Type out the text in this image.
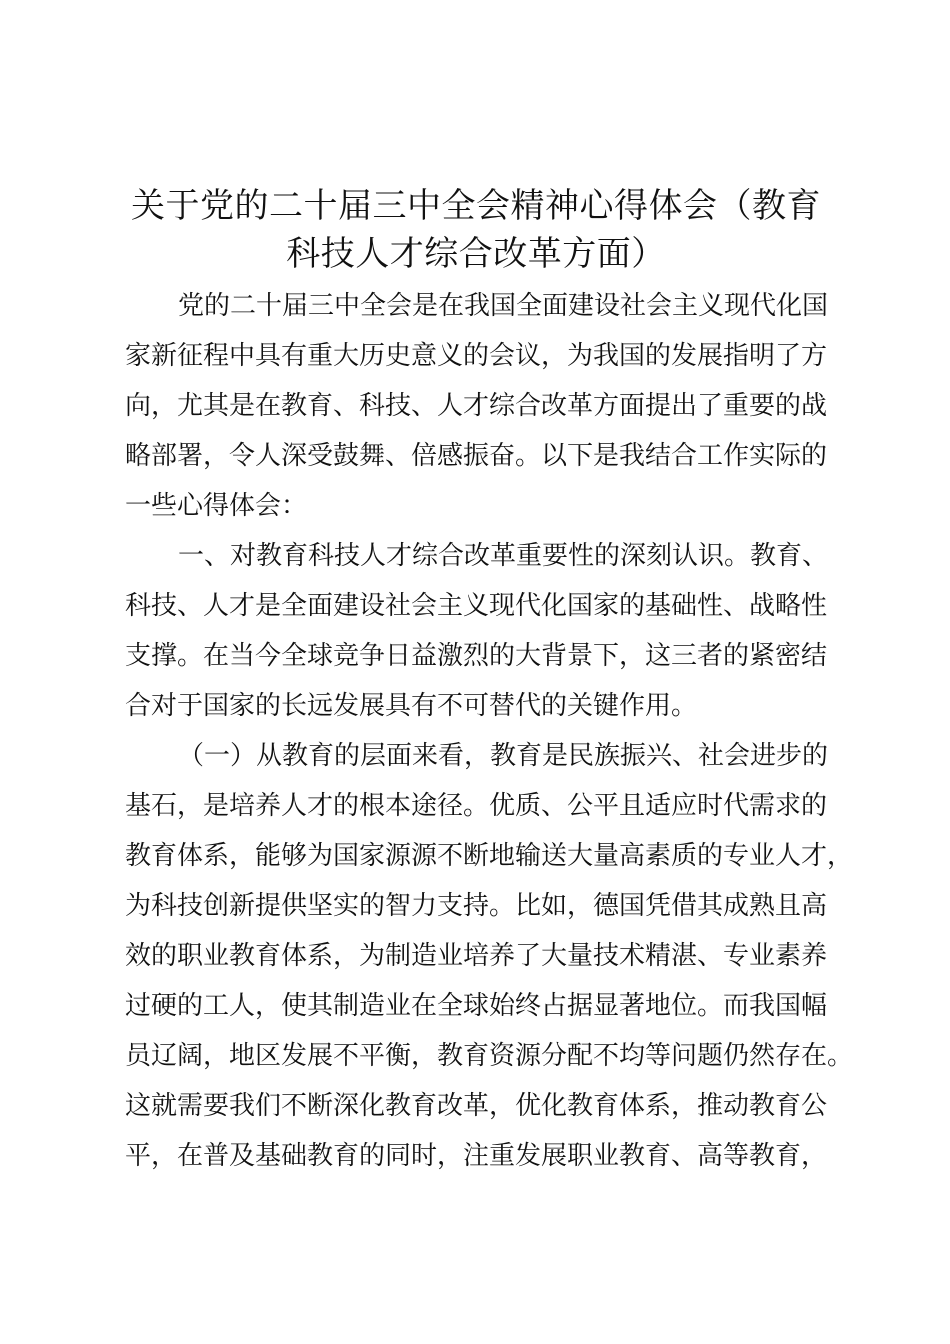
关于党的二十届三中全会精神心得体会（教育
科技人才综合改革方面）
党的二十届三中全会是在我国全面建设社会主义现代化国
家新征程中具有重大历史意义的会议，为我国的发展指明了方
向，尤其是在教育、科技、人才综合改革方面提出了重要的战
略部署，令人深受鼓舞、倍感振奋。以下是我结合工作实际的
一些心得体会：
一、对教育科技人才综合改革重要性的深刻认识。教育、
科技、人才是全面建设社会主义现代化国家的基础性、战略性
支撑。在当今全球竞争日益激烈的大背景下，这三者的紧密结
合对于国家的长远发展具有不可替代的关键作用。
（一）从教育的层面来看，教育是民族振兴、社会进步的
基石，是培养人才的根本途径。优质、公平且适应时代需求的
教育体系，能够为国家源源不断地输送大量高素质的专业人才，
为科技创新提供坚实的智力支持。比如，德国凭借其成熟且高
效的职业教育体系，为制造业培养了大量技术精湛、专业素养
过硬的工人，使其制造业在全球始终占据显著地位。而我国幅
员辽阔，地区发展不平衡，教育资源分配不均等问题仍然存在。
这就需要我们不断深化教育改革，优化教育体系，推动教育公
平，在普及基础教育的同时，注重发展职业教育、高等教育，
